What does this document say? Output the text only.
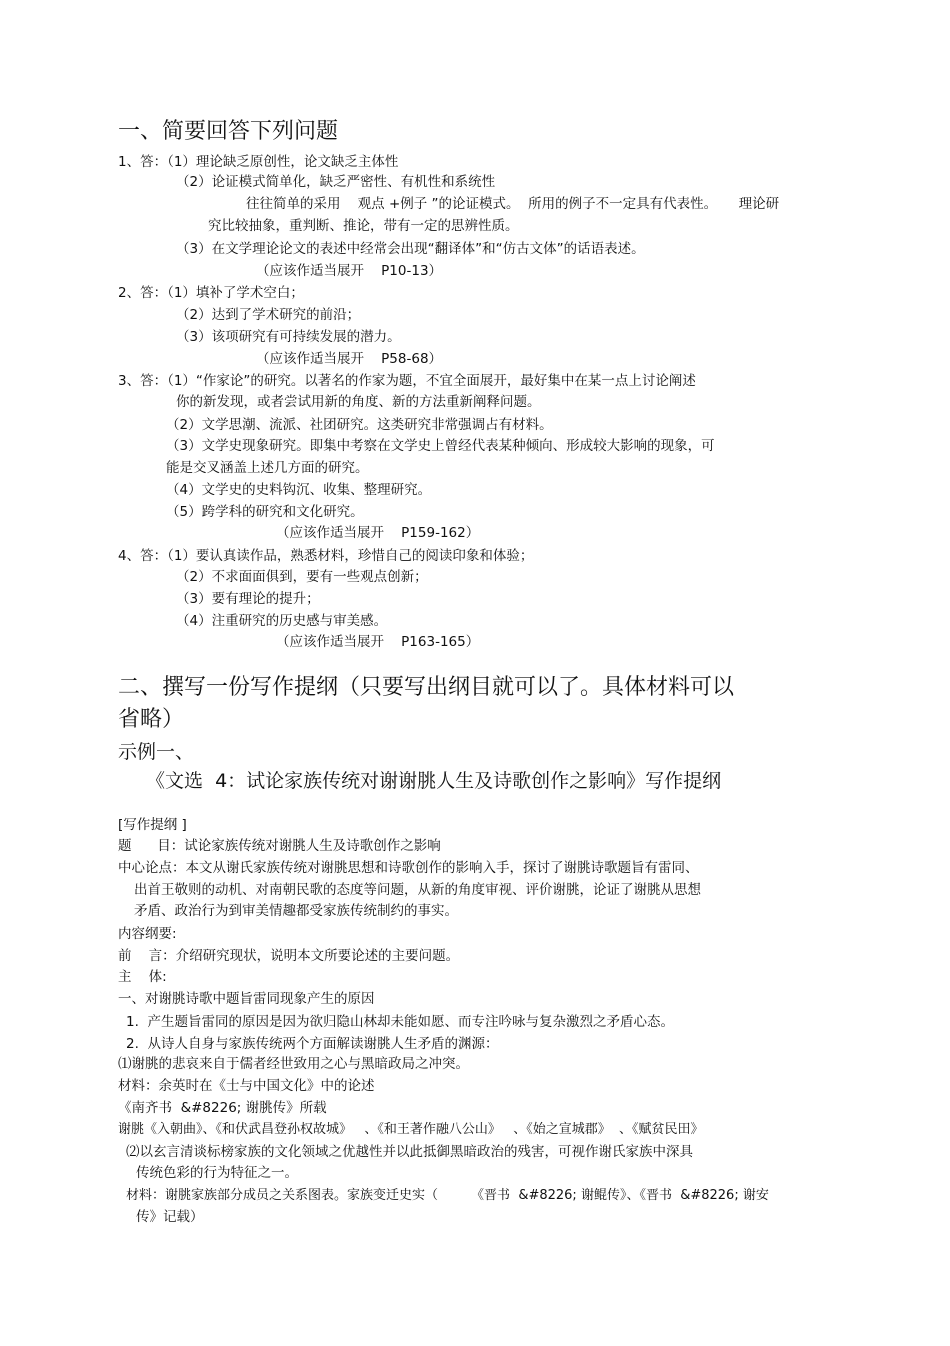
一、简要回答下列问题
1、答：（1）理论缺乏原创性，论文缺乏主体性
（2）论证模式简单化，缺乏严密性、有机性和系统性
往往简单的采用    观点 +例子 ”的论证模式。  所用的例子不一定具有代表性。     理论研
究比较抽象，重判断、推论，带有一定的思辨性质。
（3）在文学理论论文的表述中经常会出现“翻译体”和“仿古文体”的话语表述。
（应该作适当展开    P10-13）
2、答：（1）填补了学术空白；
（2）达到了学术研究的前沿；
（3）该项研究有可持续发展的潜力。
（应该作适当展开    P58-68）
3、答：（1）“作家论”的研究。以著名的作家为题，不宜全面展开，最好集中在某一点上讨论阐述
你的新发现，或者尝试用新的角度、新的方法重新阐释问题。
（2）文学思潮、流派、社团研究。这类研究非常强调占有材料。
（3）文学史现象研究。即集中考察在文学史上曾经代表某种倾向、形成较大影响的现象，可
能是交叉涵盖上述几方面的研究。
（4）文学史的史料钩沉、收集、整理研究。
（5）跨学科的研究和文化研究。
（应该作适当展开    P159-162）
4、答：（1）要认真读作品，熟悉材料，珍惜自己的阅读印象和体验；
（2）不求面面俱到，要有一些观点创新；
（3）要有理论的提升；
（4）注重研究的历史感与审美感。
（应该作适当展开    P163-165）
二、撰写一份写作提纲（只要写出纲目就可以了。具体材料可以
省略）
示例一、
《文选  4：试论家族传统对谢谢朓人生及诗歌创作之影响》写作提纲
[写作提纲 ]
题      目：试论家族传统对谢朓人生及诗歌创作之影响
中心论点：本文从谢氏家族传统对谢朓思想和诗歌创作的影响入手，探讨了谢朓诗歌题旨有雷同、
出首王敬则的动机、对南朝民歌的态度等问题，从新的角度审视、评价谢朓，论证了谢朓从思想
矛盾、政治行为到审美情趣都受家族传统制约的事实。
内容纲要:
前    言：介绍研究现状，说明本文所要论述的主要问题。
主    体:
一、对谢朓诗歌中题旨雷同现象产生的原因
1.  产生题旨雷同的原因是因为欲归隐山林却未能如愿、而专注吟咏与复杂激烈之矛盾心态。
2.  从诗人自身与家族传统两个方面解读谢朓人生矛盾的渊源：
⑴谢朓的悲哀来自于儒者经世致用之心与黑暗政局之冲突。
材料：余英时在《士与中国文化》中的论述
《南齐书  &#8226; 谢朓传》所载
谢朓《入朝曲》、《和伏武昌登孙权故城》   、《和王著作融八公山》   、《始之宣城郡》  、《赋贫民田》
⑵以玄言清谈标榜家族的文化领域之优越性并以此抵御黑暗政治的残害，可视作谢氏家族中深具
传统色彩的行为特征之一。
材料：谢朓家族部分成员之关系图表。家族变迁史实（        《晋书  &#8226; 谢鲲传》、《晋书  &#8226; 谢安
传》记载）
